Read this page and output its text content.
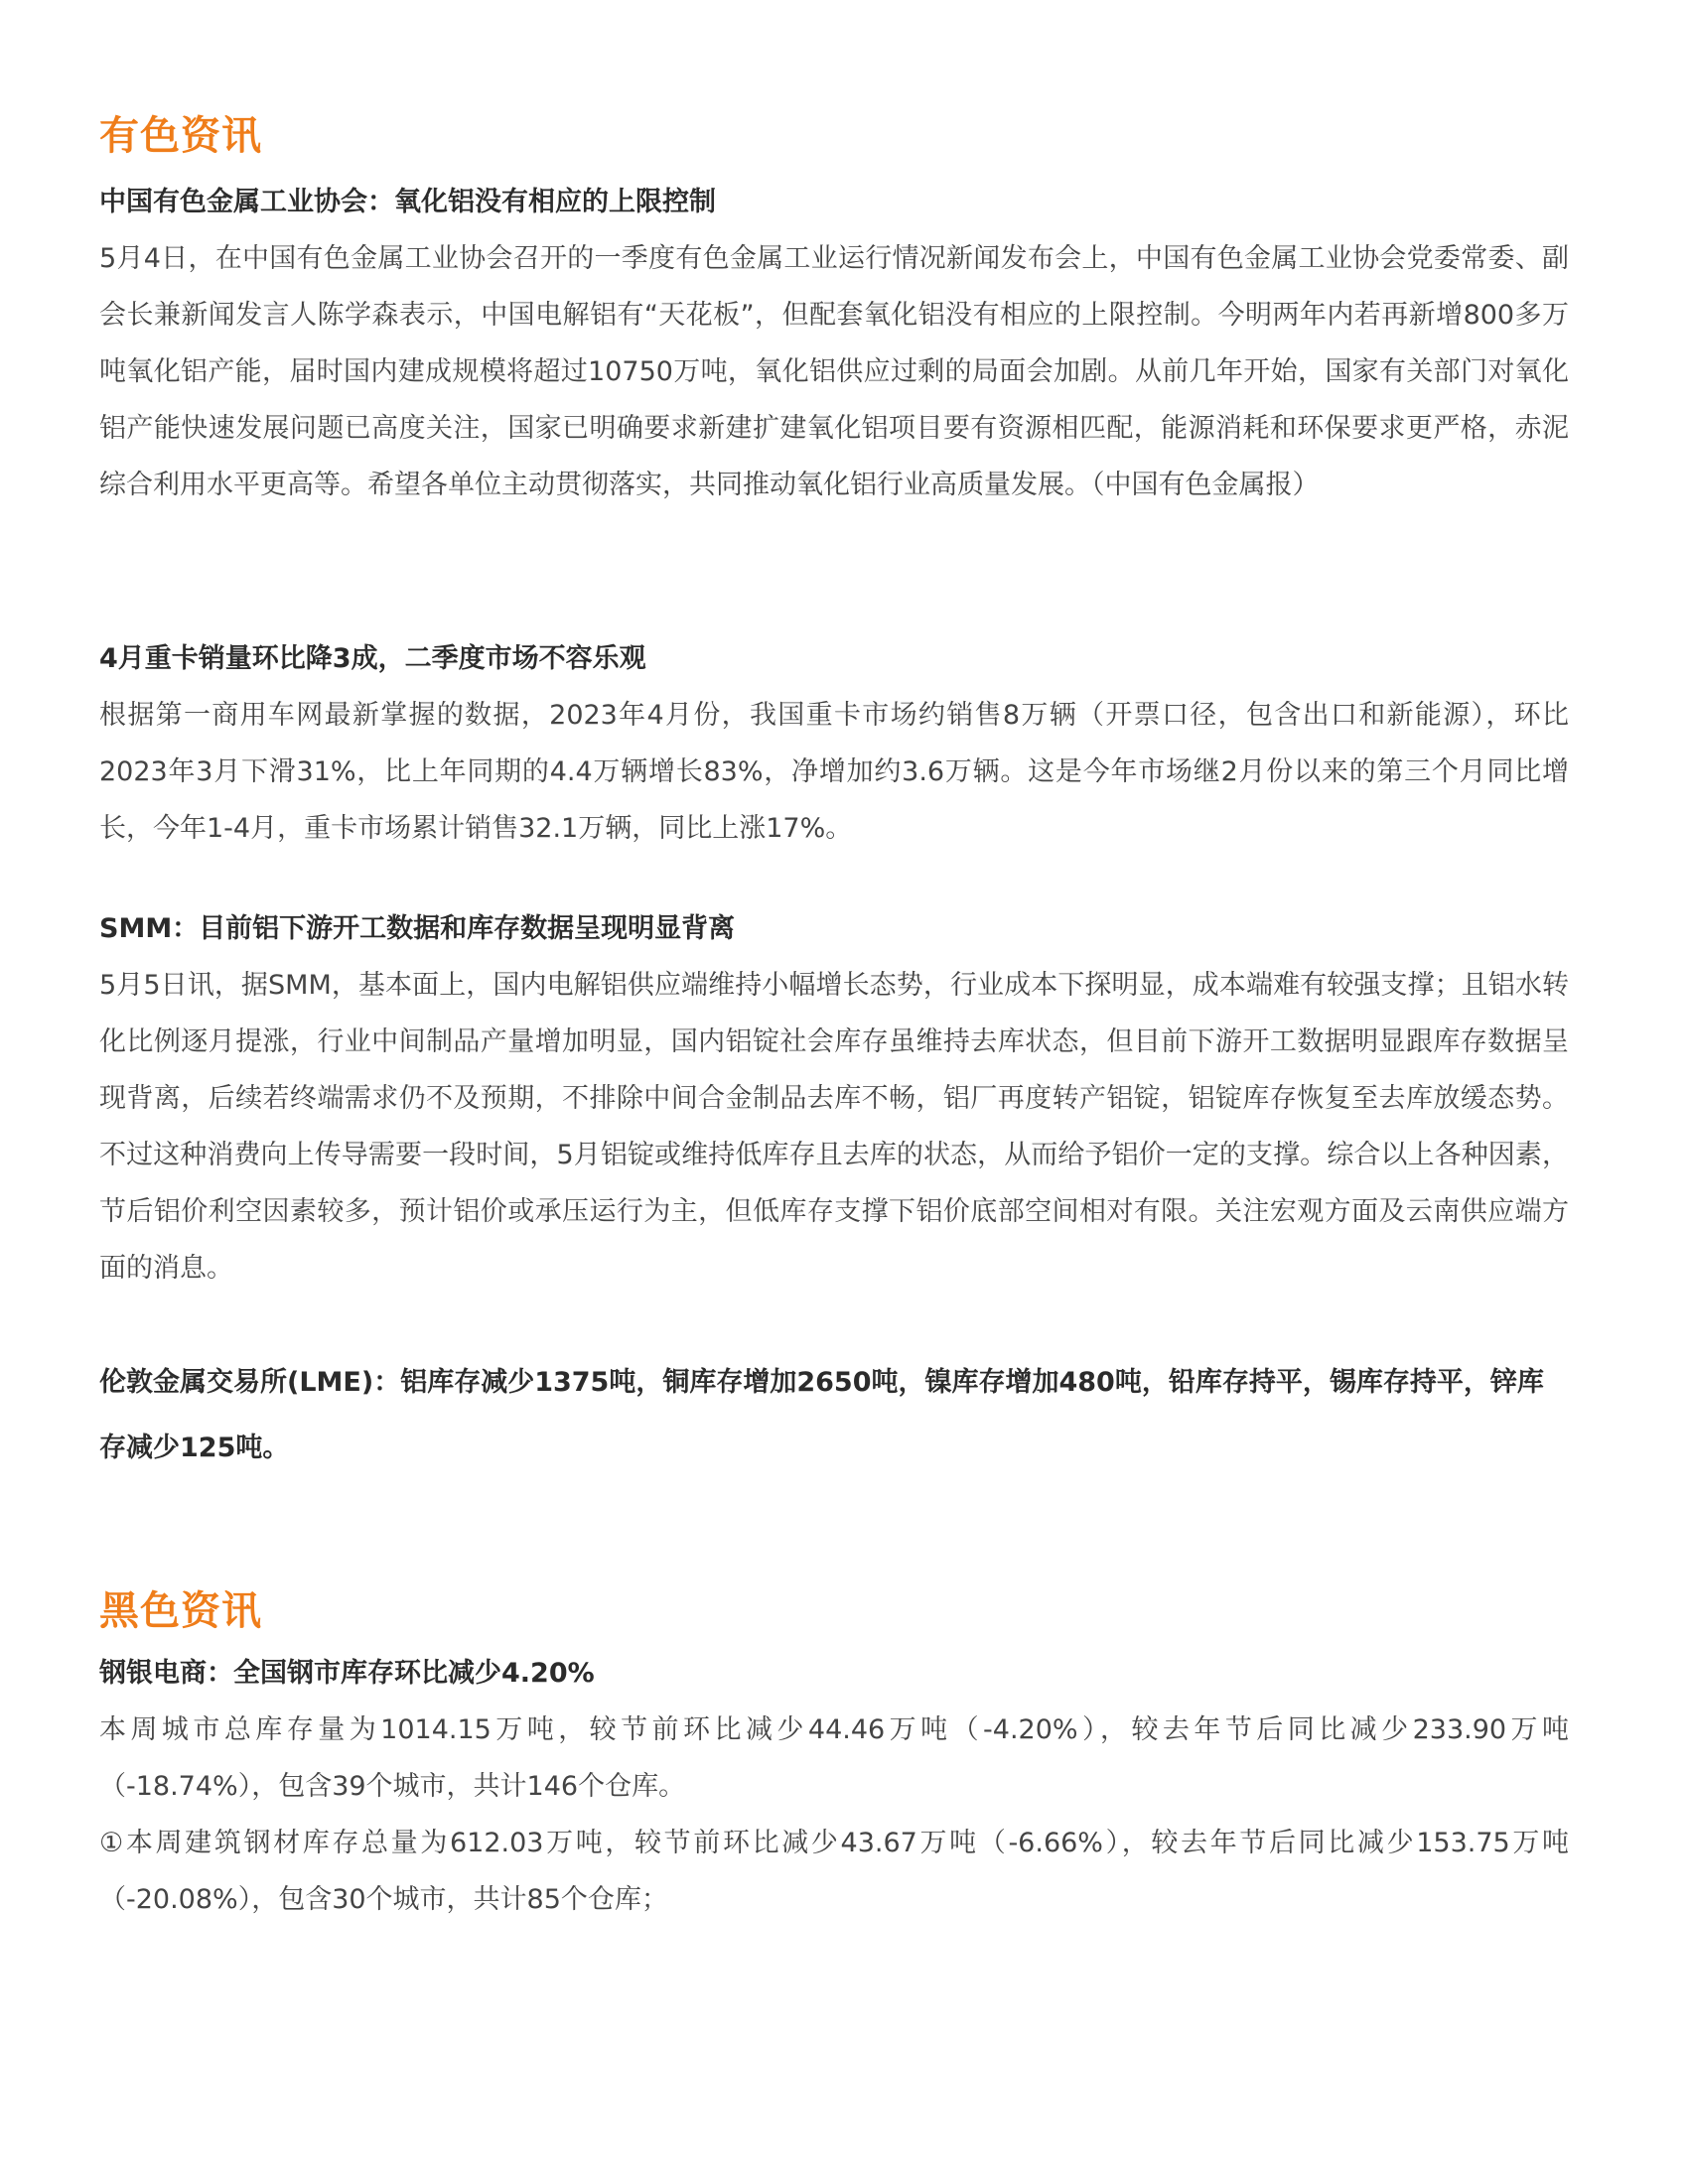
有色资讯

中国有色金属工业协会：氧化铝没有相应的上限控制

5月4日，在中国有色金属工业协会召开的一季度有色金属工业运行情况新闻发布会上，中国有色金属工业协会党委常委、副会长兼新闻发言人陈学森表示，中国电解铝有“天花板”，但配套氧化铝没有相应的上限控制。今明两年内若再新增800多万吨氧化铝产能，届时国内建成规模将超过10750万吨，氧化铝供应过剩的局面会加剧。从前几年开始，国家有关部门对氧化铝产能快速发展问题已高度关注，国家已明确要求新建扩建氧化铝项目要有资源相匹配，能源消耗和环保要求更严格，赤泥综合利用水平更高等。希望各单位主动贯彻落实，共同推动氧化铝行业高质量发展。（中国有色金属报）

4月重卡销量环比降3成，二季度市场不容乐观

根据第一商用车网最新掌握的数据，2023年4月份，我国重卡市场约销售8万辆（开票口径，包含出口和新能源），环比2023年3月下滑31%，比上年同期的4.4万辆增长83%，净增加约3.6万辆。这是今年市场继2月份以来的第三个月同比增长，今年1-4月，重卡市场累计销售32.1万辆，同比上涨17%。

SMM：目前铝下游开工数据和库存数据呈现明显背离

5月5日讯，据SMM，基本面上，国内电解铝供应端维持小幅增长态势，行业成本下探明显，成本端难有较强支撑；且铝水转化比例逐月提涨，行业中间制品产量增加明显，国内铝锭社会库存虽维持去库状态，但目前下游开工数据明显跟库存数据呈现背离，后续若终端需求仍不及预期，不排除中间合金制品去库不畅，铝厂再度转产铝锭，铝锭库存恢复至去库放缓态势。不过这种消费向上传导需要一段时间，5月铝锭或维持低库存且去库的状态，从而给予铝价一定的支撑。综合以上各种因素，节后铝价利空因素较多，预计铝价或承压运行为主，但低库存支撑下铝价底部空间相对有限。关注宏观方面及云南供应端方面的消息。

伦敦金属交易所(LME)：铝库存减少1375吨，铜库存增加2650吨，镍库存增加480吨，铅库存持平，锡库存持平，锌库存减少125吨。

黑色资讯

钢银电商：全国钢市库存环比减少4.20%

本周城市总库存量为1014.15万吨，较节前环比减少44.46万吨（-4.20%），较去年节后同比减少233.90万吨（-18.74%），包含39个城市，共计146个仓库。

①本周建筑钢材库存总量为612.03万吨，较节前环比减少43.67万吨（-6.66%），较去年节后同比减少153.75万吨（-20.08%），包含30个城市，共计85个仓库；
